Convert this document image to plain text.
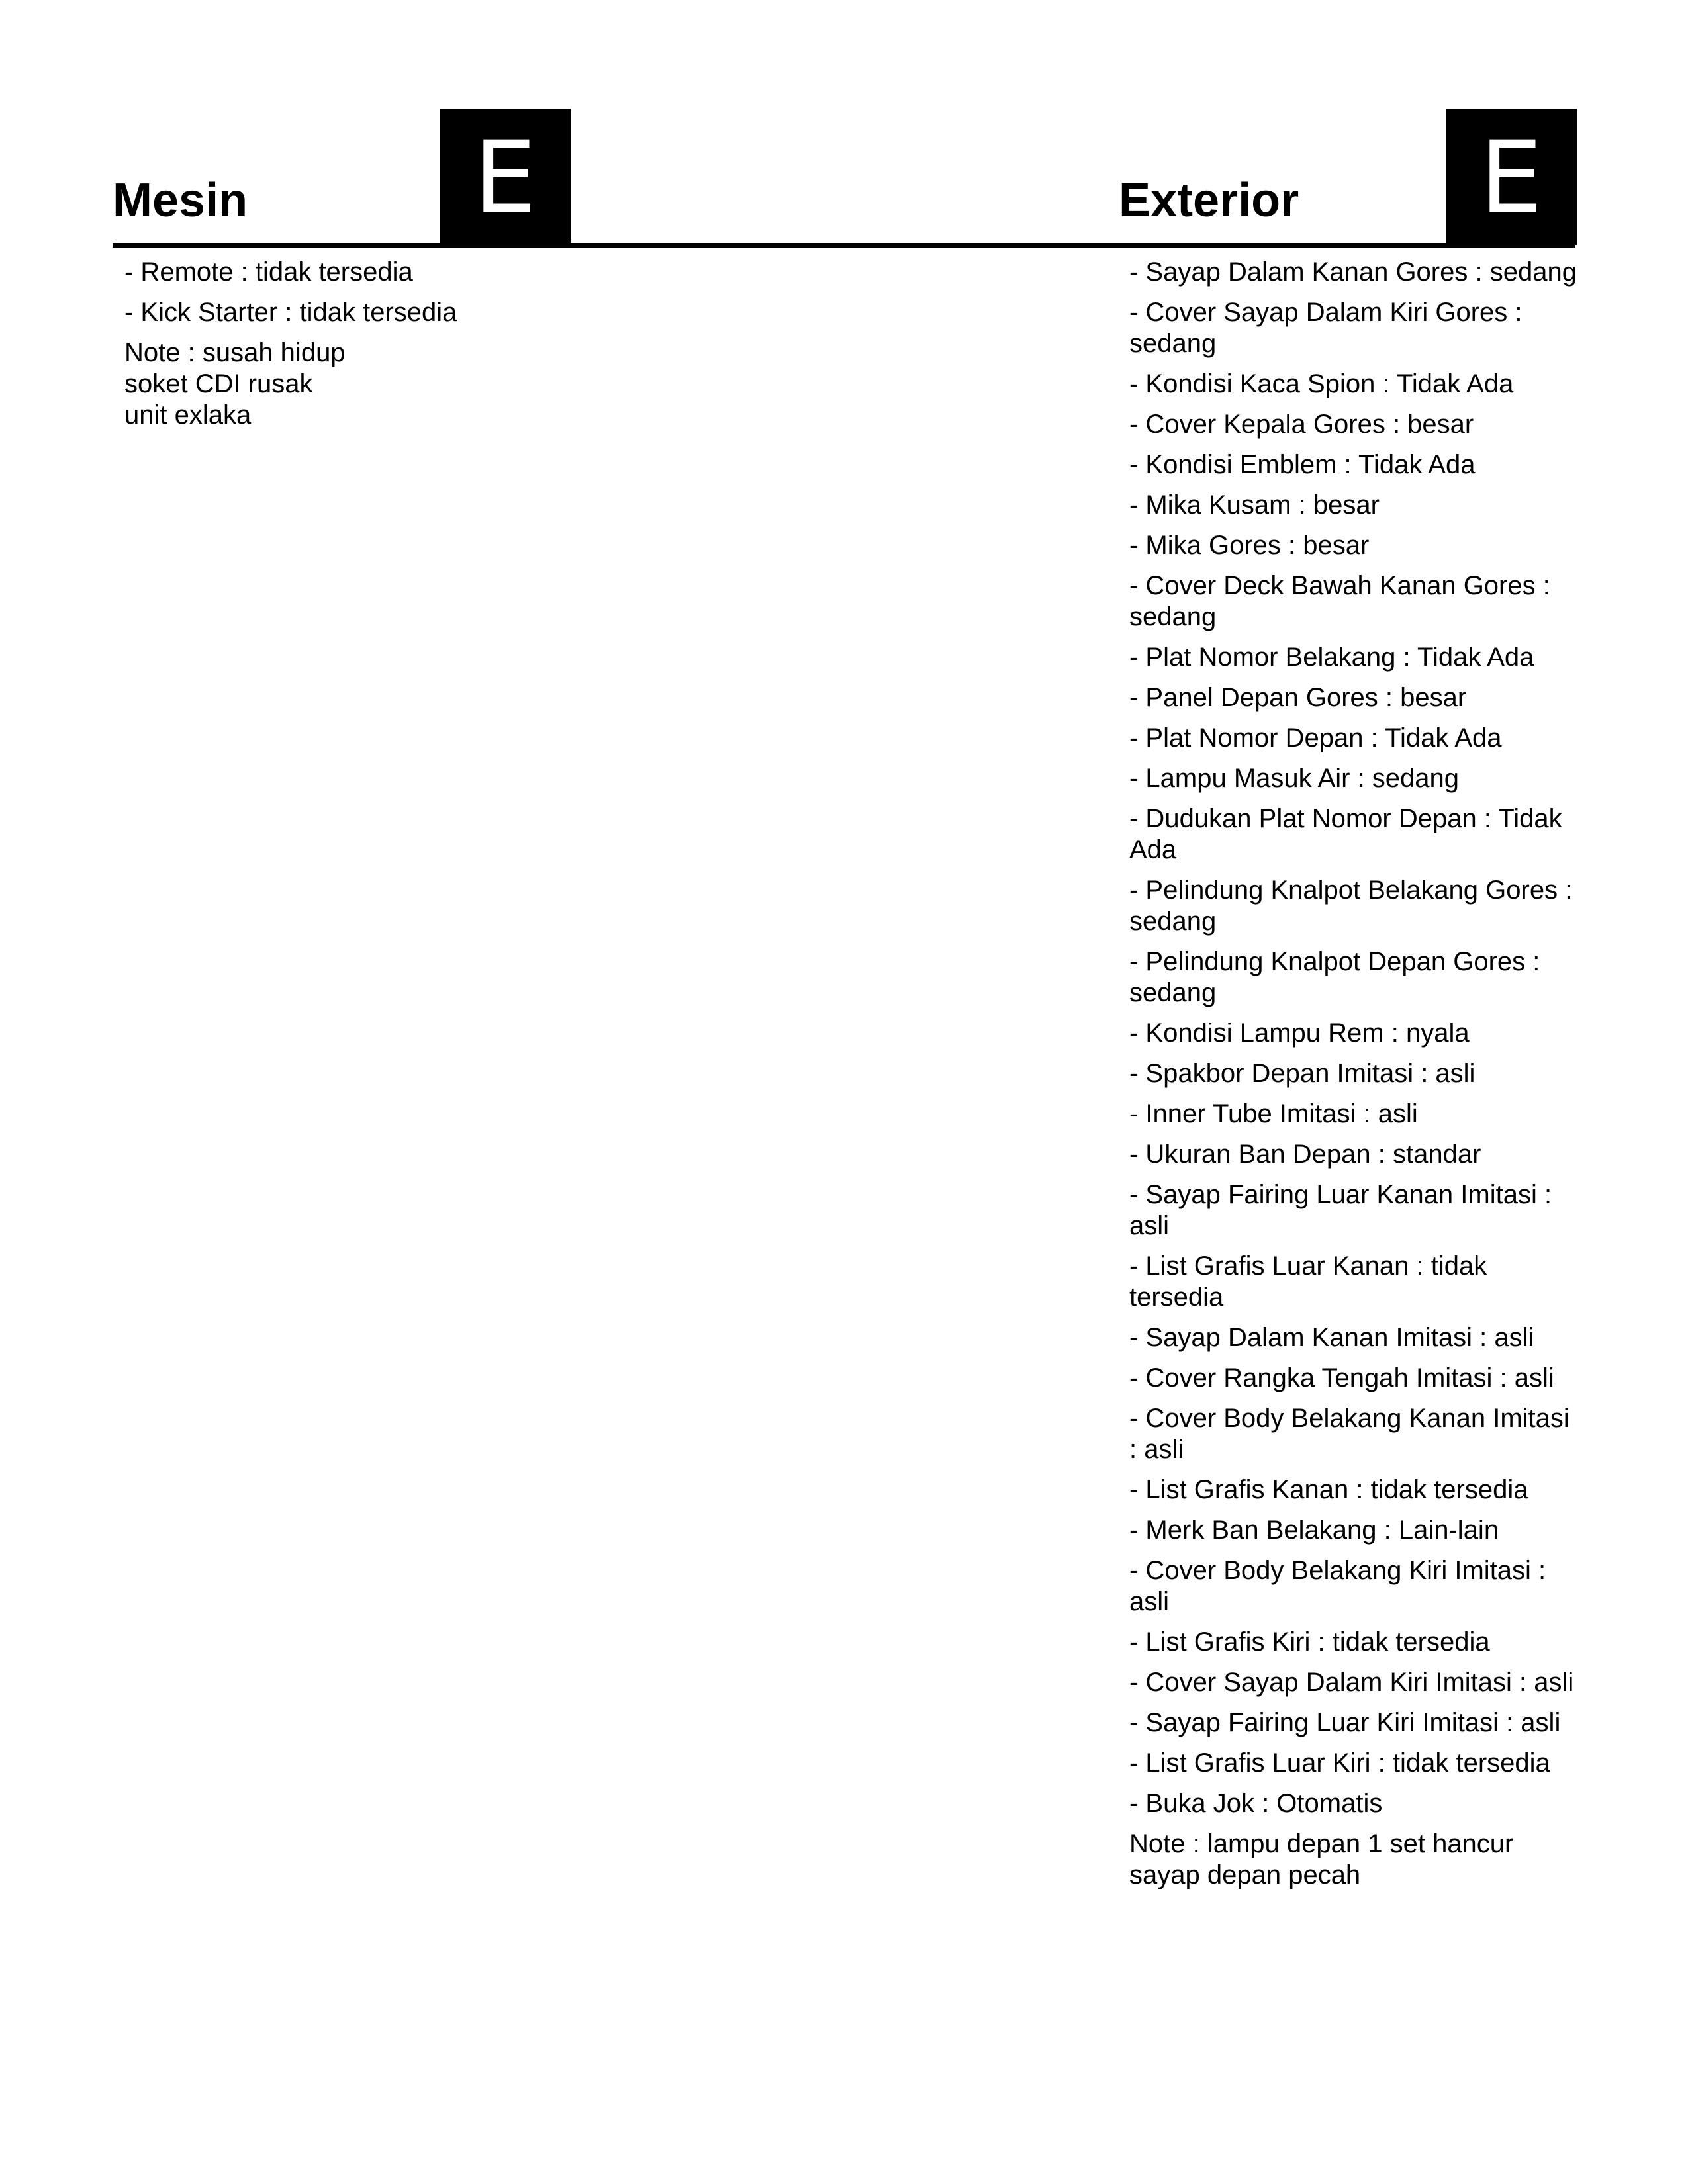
Mesin	E	Exterior	E
- Remote : tidak tersedia
- Kick Starter : tidak tersedia
Note : susah hidup
soket CDI rusak
unit exlaka
- Sayap Dalam Kanan Gores : sedang
- Cover Sayap Dalam Kiri Gores : sedang
- Kondisi Kaca Spion : Tidak Ada
- Cover Kepala Gores : besar
- Kondisi Emblem : Tidak Ada
- Mika Kusam : besar
- Mika Gores : besar
- Cover Deck Bawah Kanan Gores : sedang
- Plat Nomor Belakang : Tidak Ada
- Panel Depan Gores : besar
- Plat Nomor Depan : Tidak Ada
- Lampu Masuk Air : sedang
- Dudukan Plat Nomor Depan : Tidak Ada
- Pelindung Knalpot Belakang Gores : sedang
- Pelindung Knalpot Depan Gores : sedang
- Kondisi Lampu Rem : nyala
- Spakbor Depan Imitasi : asli
- Inner Tube Imitasi : asli
- Ukuran Ban Depan : standar
- Sayap Fairing Luar Kanan Imitasi : asli
- List Grafis Luar Kanan : tidak tersedia
- Sayap Dalam Kanan Imitasi : asli
- Cover Rangka Tengah Imitasi : asli
- Cover Body Belakang Kanan Imitasi : asli
- List Grafis Kanan : tidak tersedia
- Merk Ban Belakang : Lain-lain
- Cover Body Belakang Kiri Imitasi : asli
- List Grafis Kiri : tidak tersedia
- Cover Sayap Dalam Kiri Imitasi : asli
- Sayap Fairing Luar Kiri Imitasi : asli
- List Grafis Luar Kiri : tidak tersedia
- Buka Jok : Otomatis
Note : lampu depan 1 set hancur
sayap depan pecah
